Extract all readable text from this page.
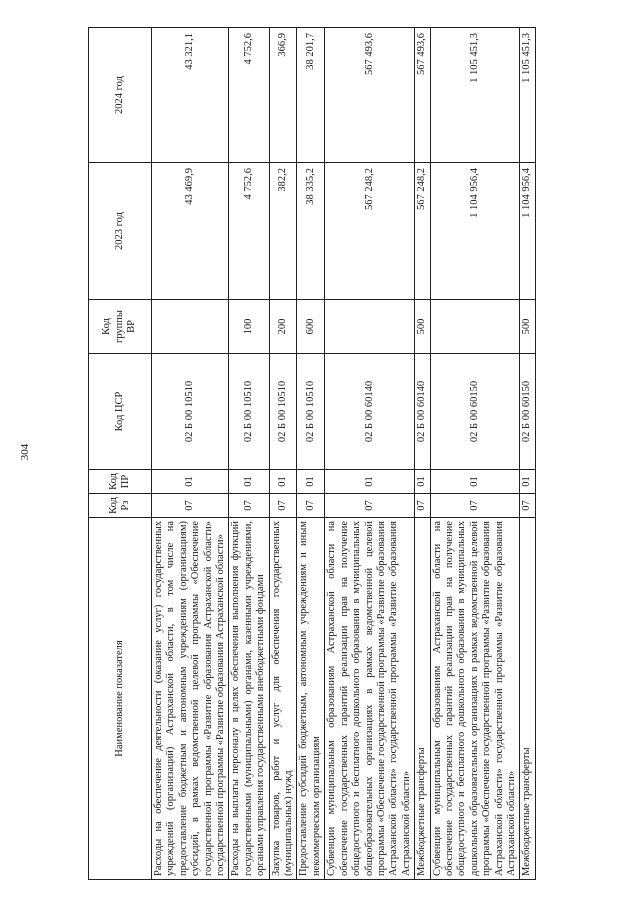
304
Наименование показателя	Код Рз	Код ПР	Код ЦСР	Код группы ВР	2023 год	2024 год
Расходы на обеспечение деятельности (оказание услуг) государственных учреждений (организаций) Астраханской области, в том числе на предоставление бюджетным и автономным учреждениям (организациям) субсидий, в рамках ведомственной целевой программы «Обеспечение государственной программы «Развитие образования Астраханской области» государственной программы «Развитие образования Астраханской области»	07	01	02 Б 00 10510		43 469,9	43 321,1
Расходы на выплаты персоналу в целях обеспечения выполнения функций государственными (муниципальными) органами, казенными учреждениями, органами управления государственными внебюджетными фондами	07	01	02 Б 00 10510	100	4 752,6	4 752,6
Закупка товаров, работ и услуг для обеспечения государственных (муниципальных) нужд	07	01	02 Б 00 10510	200	382,2	366,9
Предоставление субсидий бюджетным, автономным учреждениям и иным некоммерческим организациям	07	01	02 Б 00 10510	600	38 335,2	38 201,7
Субвенции муниципальным образованиям Астраханской области на обеспечение государственных гарантий реализации прав на получение общедоступного и бесплатного дошкольного образования в муниципальных общеобразовательных организациях в рамках ведомственной целевой программы «Обеспечение государственной программы «Развитие образования Астраханской области» государственной программы «Развитие образования Астраханской области»	07	01	02 Б 00 60140		567 248,2	567 493,6
Межбюджетные трансферты	07	01	02 Б 00 60140	500	567 248,2	567 493,6
Субвенции муниципальным образованиям Астраханской области на обеспечение государственных гарантий реализации прав на получение общедоступного и бесплатного дошкольного образования в муниципальных дошкольных образовательных организациях в рамках ведомственной целевой программы «Обеспечение государственной программы «Развитие образования Астраханской области» государственной программы «Развитие образования Астраханской области»	07	01	02 Б 00 60150		1 104 956,4	1 105 451,3
Межбюджетные трансферты	07	01	02 Б 00 60150	500	1 104 956,4	1 105 451,3
